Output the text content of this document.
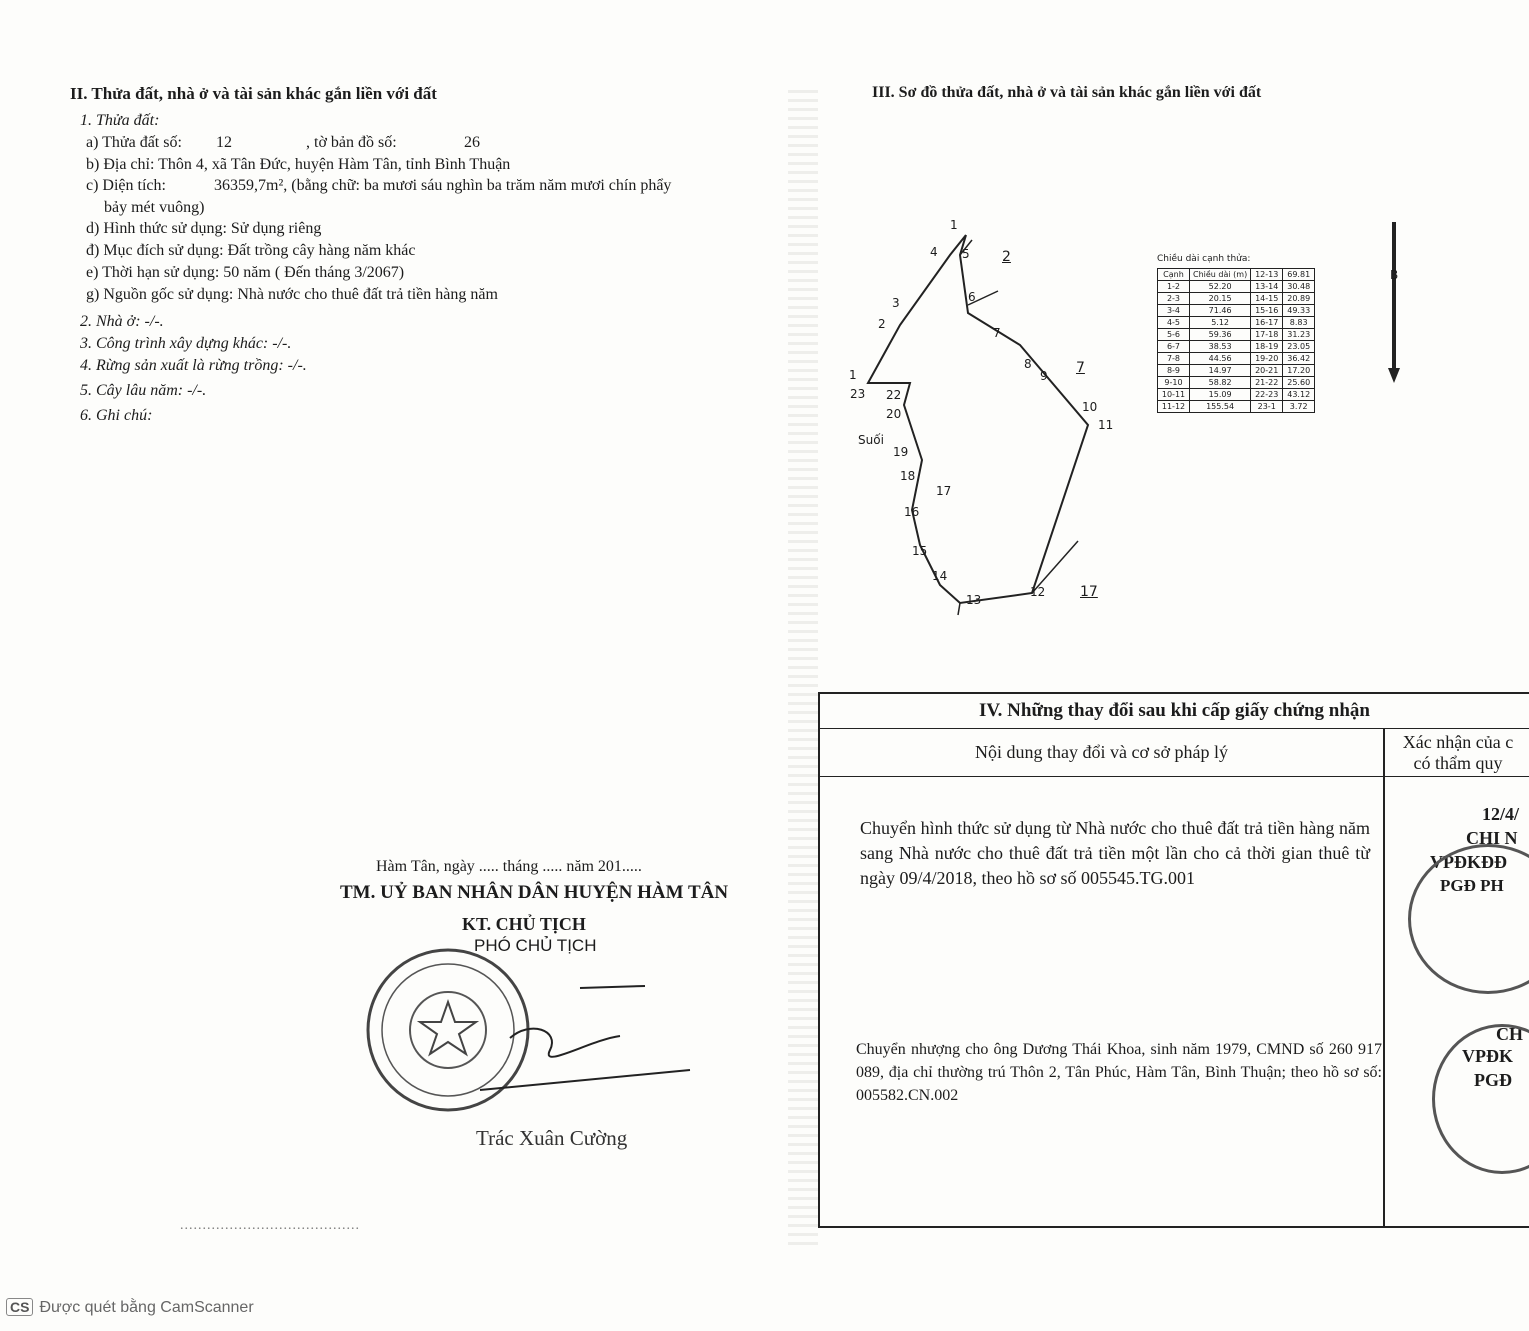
II. Thửa đất, nhà ở và tài sản khác gắn liền với đất
1. Thửa đất:
a) Thửa đất số: 12	, tờ bản đồ số:	26
b) Địa chỉ: Thôn 4, xã Tân Đức, huyện Hàm Tân, tỉnh Bình Thuận
c) Diện tích:	36359,7m², (bằng chữ: ba mươi sáu nghìn ba trăm năm mươi chín phẩy
bảy mét vuông)
d) Hình thức sử dụng: Sử dụng riêng
đ) Mục đích sử dụng: Đất trồng cây hàng năm khác
e) Thời hạn sử dụng: 50 năm ( Đến tháng 3/2067)
g) Nguồn gốc sử dụng: Nhà nước cho thuê đất trả tiền hàng năm
2. Nhà ở: -/-.
3. Công trình xây dựng khác: -/-.
4. Rừng sản xuất là rừng trồng: -/-.
5. Cây lâu năm: -/-.
6. Ghi chú:
Hàm Tân, ngày ..... tháng ..... năm 201.....
TM. UỶ BAN NHÂN DÂN HUYỆN HÀM TÂN
KT. CHỦ TỊCH
PHÓ CHỦ TỊCH
Trác Xuân Cường
........................................
III. Sơ đồ thửa đất, nhà ở và tài sản khác gắn liền với đất
1
4 5 2
3
2
6
7
8
9 7
1
23 22
20	10
11
Suối
19
18
17
16
15
14
13
12 17
Chiều dài cạnh thửa:
Cạnh	Chiều dài (m)	12-13	69.81
1-2	52.20	13-14	30.48
2-3	20.15	14-15	20.89
3-4	71.46	15-16	49.33
4-5	5.12	16-17	8.83
5-6	59.36	17-18	31.23
6-7	38.53	18-19	23.05
7-8	44.56	19-20	36.42
8-9	14.97	20-21	17.20
9-10	58.82	21-22	25.60
10-11	15.09	22-23	43.12
11-12	155.54	23-1	3.72
B
IV. Những thay đổi sau khi cấp giấy chứng nhận
Nội dung thay đổi và cơ sở pháp lý	Xác nhận của c
có thẩm quy
Chuyển hình thức sử dụng từ Nhà nước cho thuê đất trả tiền hàng năm sang Nhà nước cho thuê đất trả tiền một lần cho cả thời gian thuê từ ngày 09/4/2018, theo hồ sơ số 005545.TG.001
Chuyển nhượng cho ông Dương Thái Khoa, sinh năm 1979, CMND số 260 917 089, địa chỉ thường trú Thôn 2, Tân Phúc, Hàm Tân, Bình Thuận; theo hồ sơ số: 005582.CN.002
12/4/
CHI N
VPĐKĐĐ
PGĐ PH
CH
VPĐK
PGĐ
CS Được quét bằng CamScanner
